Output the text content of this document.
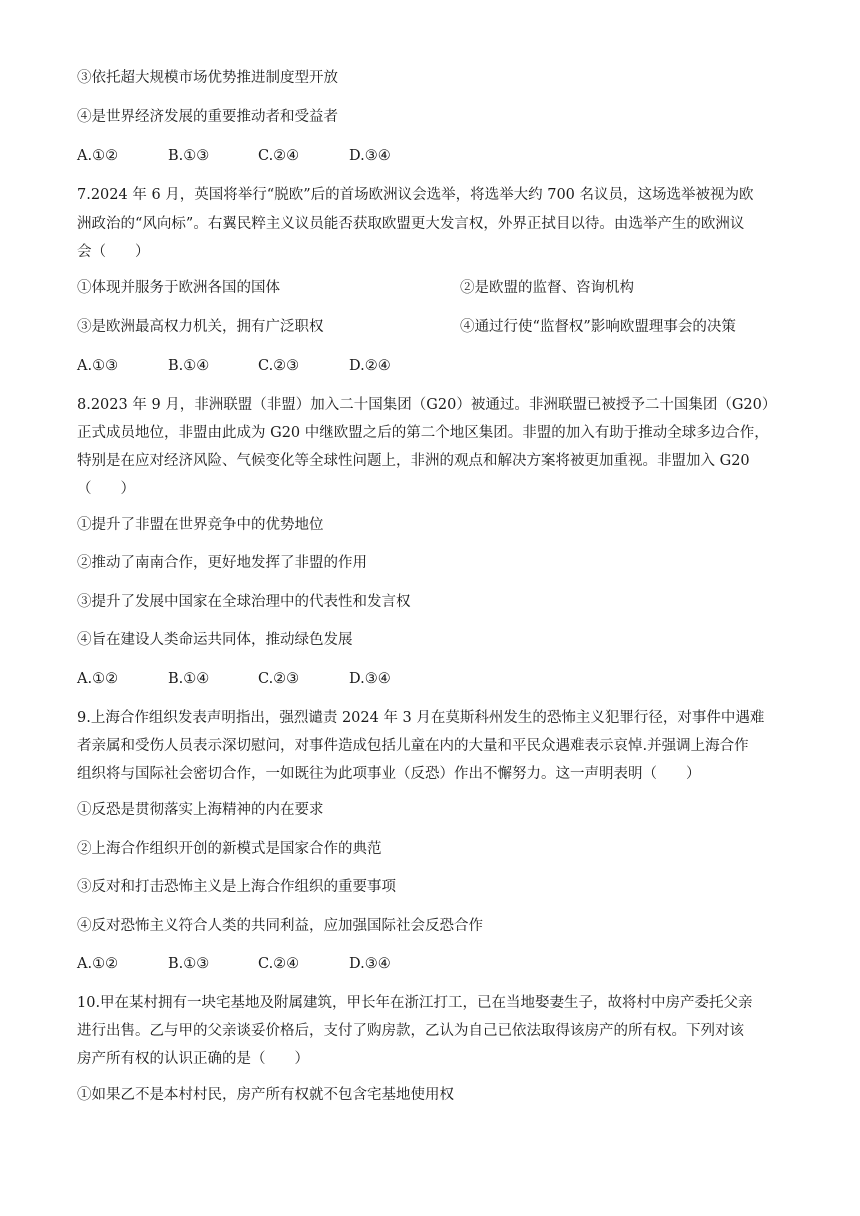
③依托超大规模市场优势推进制度型开放
④是世界经济发展的重要推动者和受益者
A.①②	B.①③	C.②④	D.③④
7.2024 年 6 月，英国将举行“脱欧”后的首场欧洲议会选举，将选举大约 700 名议员，这场选举被视为欧
洲政治的“风向标”。右翼民粹主义议员能否获取欧盟更大发言权，外界正拭目以待。由选举产生的欧洲议
会（　　）
①体现并服务于欧洲各国的国体	②是欧盟的监督、咨询机构
③是欧洲最高权力机关，拥有广泛职权	④通过行使“监督权”影响欧盟理事会的决策
A.①③	B.①④	C.②③	D.②④
8.2023 年 9 月，非洲联盟（非盟）加入二十国集团（G20）被通过。非洲联盟已被授予二十国集团（G20）
正式成员地位，非盟由此成为 G20 中继欧盟之后的第二个地区集团。非盟的加入有助于推动全球多边合作，
特别是在应对经济风险、气候变化等全球性问题上，非洲的观点和解决方案将被更加重视。非盟加入 G20
（　　）
①提升了非盟在世界竞争中的优势地位
②推动了南南合作，更好地发挥了非盟的作用
③提升了发展中国家在全球治理中的代表性和发言权
④旨在建设人类命运共同体，推动绿色发展
A.①②	B.①④	C.②③	D.③④
9.上海合作组织发表声明指出，强烈谴责 2024 年 3 月在莫斯科州发生的恐怖主义犯罪行径，对事件中遇难
者亲属和受伤人员表示深切慰问，对事件造成包括儿童在内的大量和平民众遇难表示哀悼.并强调上海合作
组织将与国际社会密切合作，一如既往为此项事业（反恐）作出不懈努力。这一声明表明（　　）
①反恐是贯彻落实上海精神的内在要求
②上海合作组织开创的新模式是国家合作的典范
③反对和打击恐怖主义是上海合作组织的重要事项
④反对恐怖主义符合人类的共同利益，应加强国际社会反恐合作
A.①②	B.①③	C.②④	D.③④
10.甲在某村拥有一块宅基地及附属建筑，甲长年在浙江打工，已在当地娶妻生子，故将村中房产委托父亲
进行出售。乙与甲的父亲谈妥价格后，支付了购房款，乙认为自己已依法取得该房产的所有权。下列对该
房产所有权的认识正确的是（　　）
①如果乙不是本村村民，房产所有权就不包含宅基地使用权
